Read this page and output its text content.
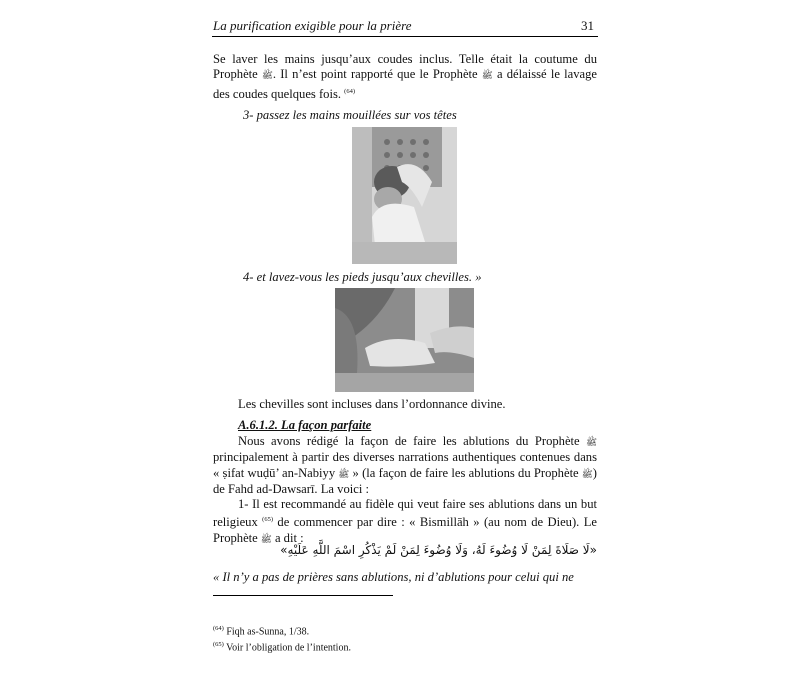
La purification exigible pour la prière	31
Se laver les mains jusqu’aux coudes inclus. Telle était la coutume du Prophète ﷺ. Il n’est point rapporté que le Prophète ﷺ a délaissé le lavage des coudes quelques fois. $^{(64)}$
3- passez les mains mouillées sur vos têtes
4- et lavez-vous les pieds jusqu’aux chevilles. »
Les chevilles sont incluses dans l’ordonnance divine.
A.6.1.2. La façon parfaite
Nous avons rédigé la façon de faire les ablutions du Prophète ﷺ principalement à partir des diverses narrations authentiques contenues dans « ṣifat wuḍū’ an-Nabiyy ﷺ » (la façon de faire les ablutions du Prophète ﷺ) de Fahd ad-Dawsarī. La voici :
1- Il est recommandé au fidèle qui veut faire ses ablutions dans un but religieux $^{(65)}$ de commencer par dire : « Bismillāh » (au nom de Dieu). Le Prophète ﷺ a dit :
«لَا صَلَاةَ لِمَنْ لَا وُضُوءَ لَهُ، وَلَا وُضُوءَ لِمَنْ لَمْ يَذْكُرِ اسْمَ اللَّهِ عَلَيْهِ»
« Il n’y a pas de prières sans ablutions, ni d’ablutions pour celui qui ne
$^{(64)}$ Fiqh as-Sunna, 1/38.
$^{(65)}$ Voir l’obligation de l’intention.
